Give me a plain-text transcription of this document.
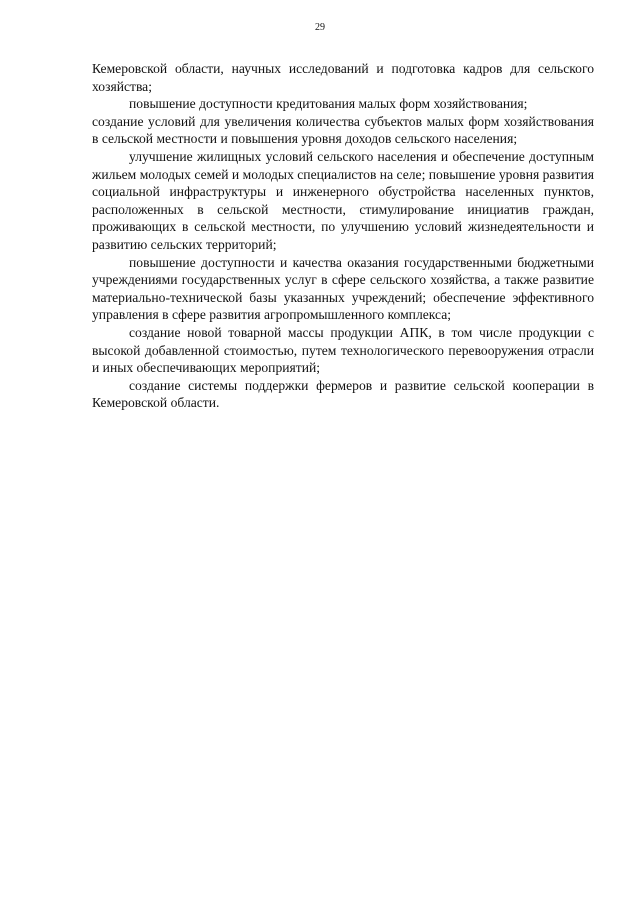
29

Кемеровской области, научных исследований и подготовка кадров для сельского хозяйства;

повышение доступности кредитования малых форм хозяйствования;

создание условий для увеличения количества субъектов малых форм хозяйствования в сельской местности и повышения уровня доходов сельского населения;

улучшение жилищных условий сельского населения и обеспечение доступным жильем молодых семей и молодых специалистов на селе; повышение уровня развития социальной инфраструктуры и инженерного обустройства населенных пунктов, расположенных в сельской местности, стимулирование инициатив граждан, проживающих в сельской местности, по улучшению условий жизнедеятельности и развитию сельских территорий;

повышение доступности и качества оказания государственными бюджетными учреждениями государственных услуг в сфере сельского хозяйства, а также развитие материально-технической базы указанных учреждений; обеспечение эффективного управления в сфере развития агропромышленного комплекса;

создание новой товарной массы продукции АПК, в том числе продукции с высокой добавленной стоимостью, путем технологического перевооружения отрасли и иных обеспечивающих мероприятий;

создание системы поддержки фермеров и развитие сельской кооперации в Кемеровской области.
